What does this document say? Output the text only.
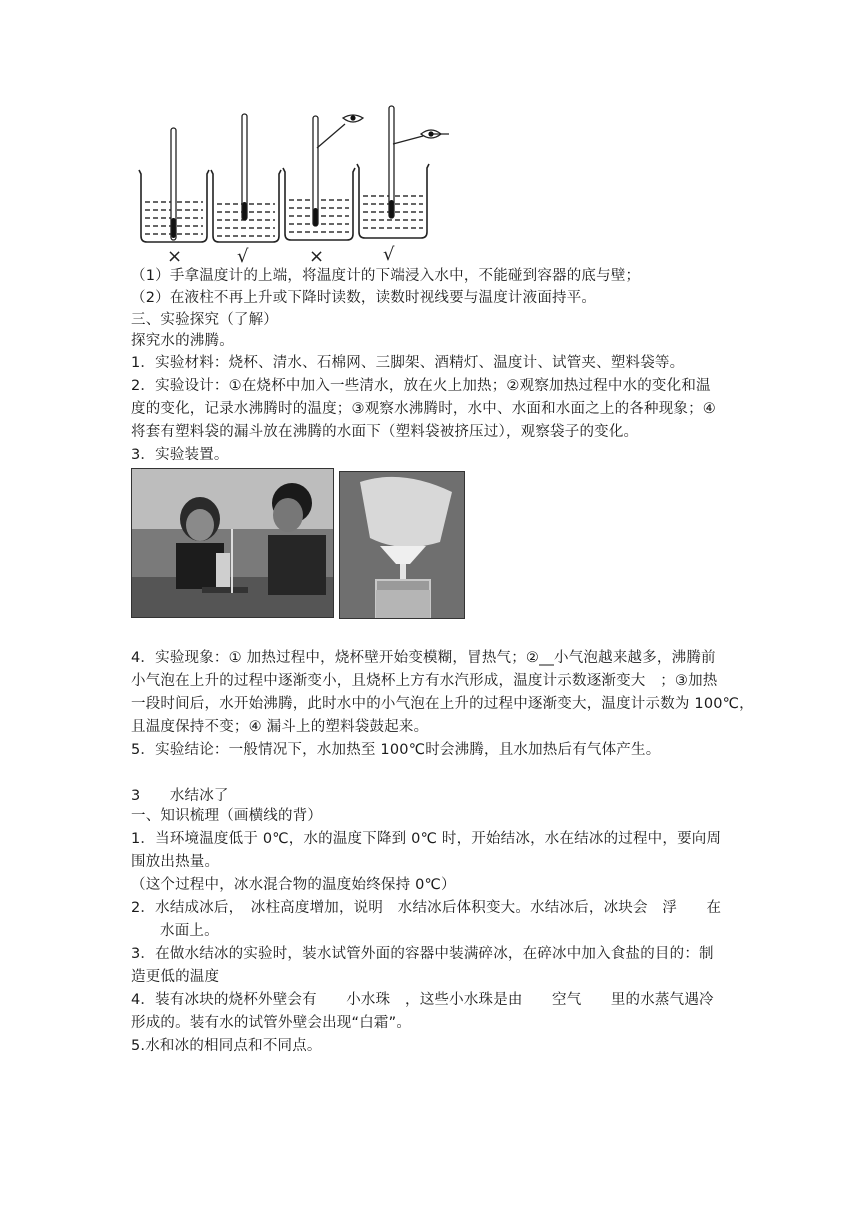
×	√	×	√
（1）手拿温度计的上端，将温度计的下端浸入水中，不能碰到容器的底与壁；
（2）在液柱不再上升或下降时读数，读数时视线要与温度计液面持平。
三、实验探究（了解）
探究水的沸腾。
1．实验材料：烧杯、清水、石棉网、三脚架、酒精灯、温度计、试管夹、塑料袋等。
2．实验设计：①在烧杯中加入一些清水，放在火上加热；②观察加热过程中水的变化和温
度的变化，记录水沸腾时的温度；③观察水沸腾时，水中、水面和水面之上的各种现象；④
将套有塑料袋的漏斗放在沸腾的水面下（塑料袋被挤压过），观察袋子的变化。
3．实验装置。
4．实验现象：① 加热过程中，烧杯壁开始变模糊，冒热气；②__小气泡越来越多，沸腾前
小气泡在上升的过程中逐渐变小，且烧杯上方有水汽形成，温度计示数逐渐变大　；③加热
一段时间后，水开始沸腾，此时水中的小气泡在上升的过程中逐渐变大，温度计示数为 100℃，
且温度保持不变；④ 漏斗上的塑料袋鼓起来。
5．实验结论：一般情况下，水加热至 100℃时会沸腾，且水加热后有气体产生。
3　　水结冰了
一、知识梳理（画横线的背）
1．当环境温度低于 0℃，水的温度下降到 0℃ 时，开始结冰，水在结冰的过程中，要向周
围放出热量。
（这个过程中，冰水混合物的温度始终保持 0℃）
2．水结成冰后，　冰柱高度增加，说明　水结冰后体积变大。水结冰后，冰块会　浮　　在
水面上。
3．在做水结冰的实验时，装水试管外面的容器中装满碎冰，在碎冰中加入食盐的目的：制
造更低的温度
4．装有冰块的烧杯外壁会有　　小水珠　，这些小水珠是由　　空气　　里的水蒸气遇冷
形成的。装有水的试管外壁会出现“白霜”。
5.水和冰的相同点和不同点。
